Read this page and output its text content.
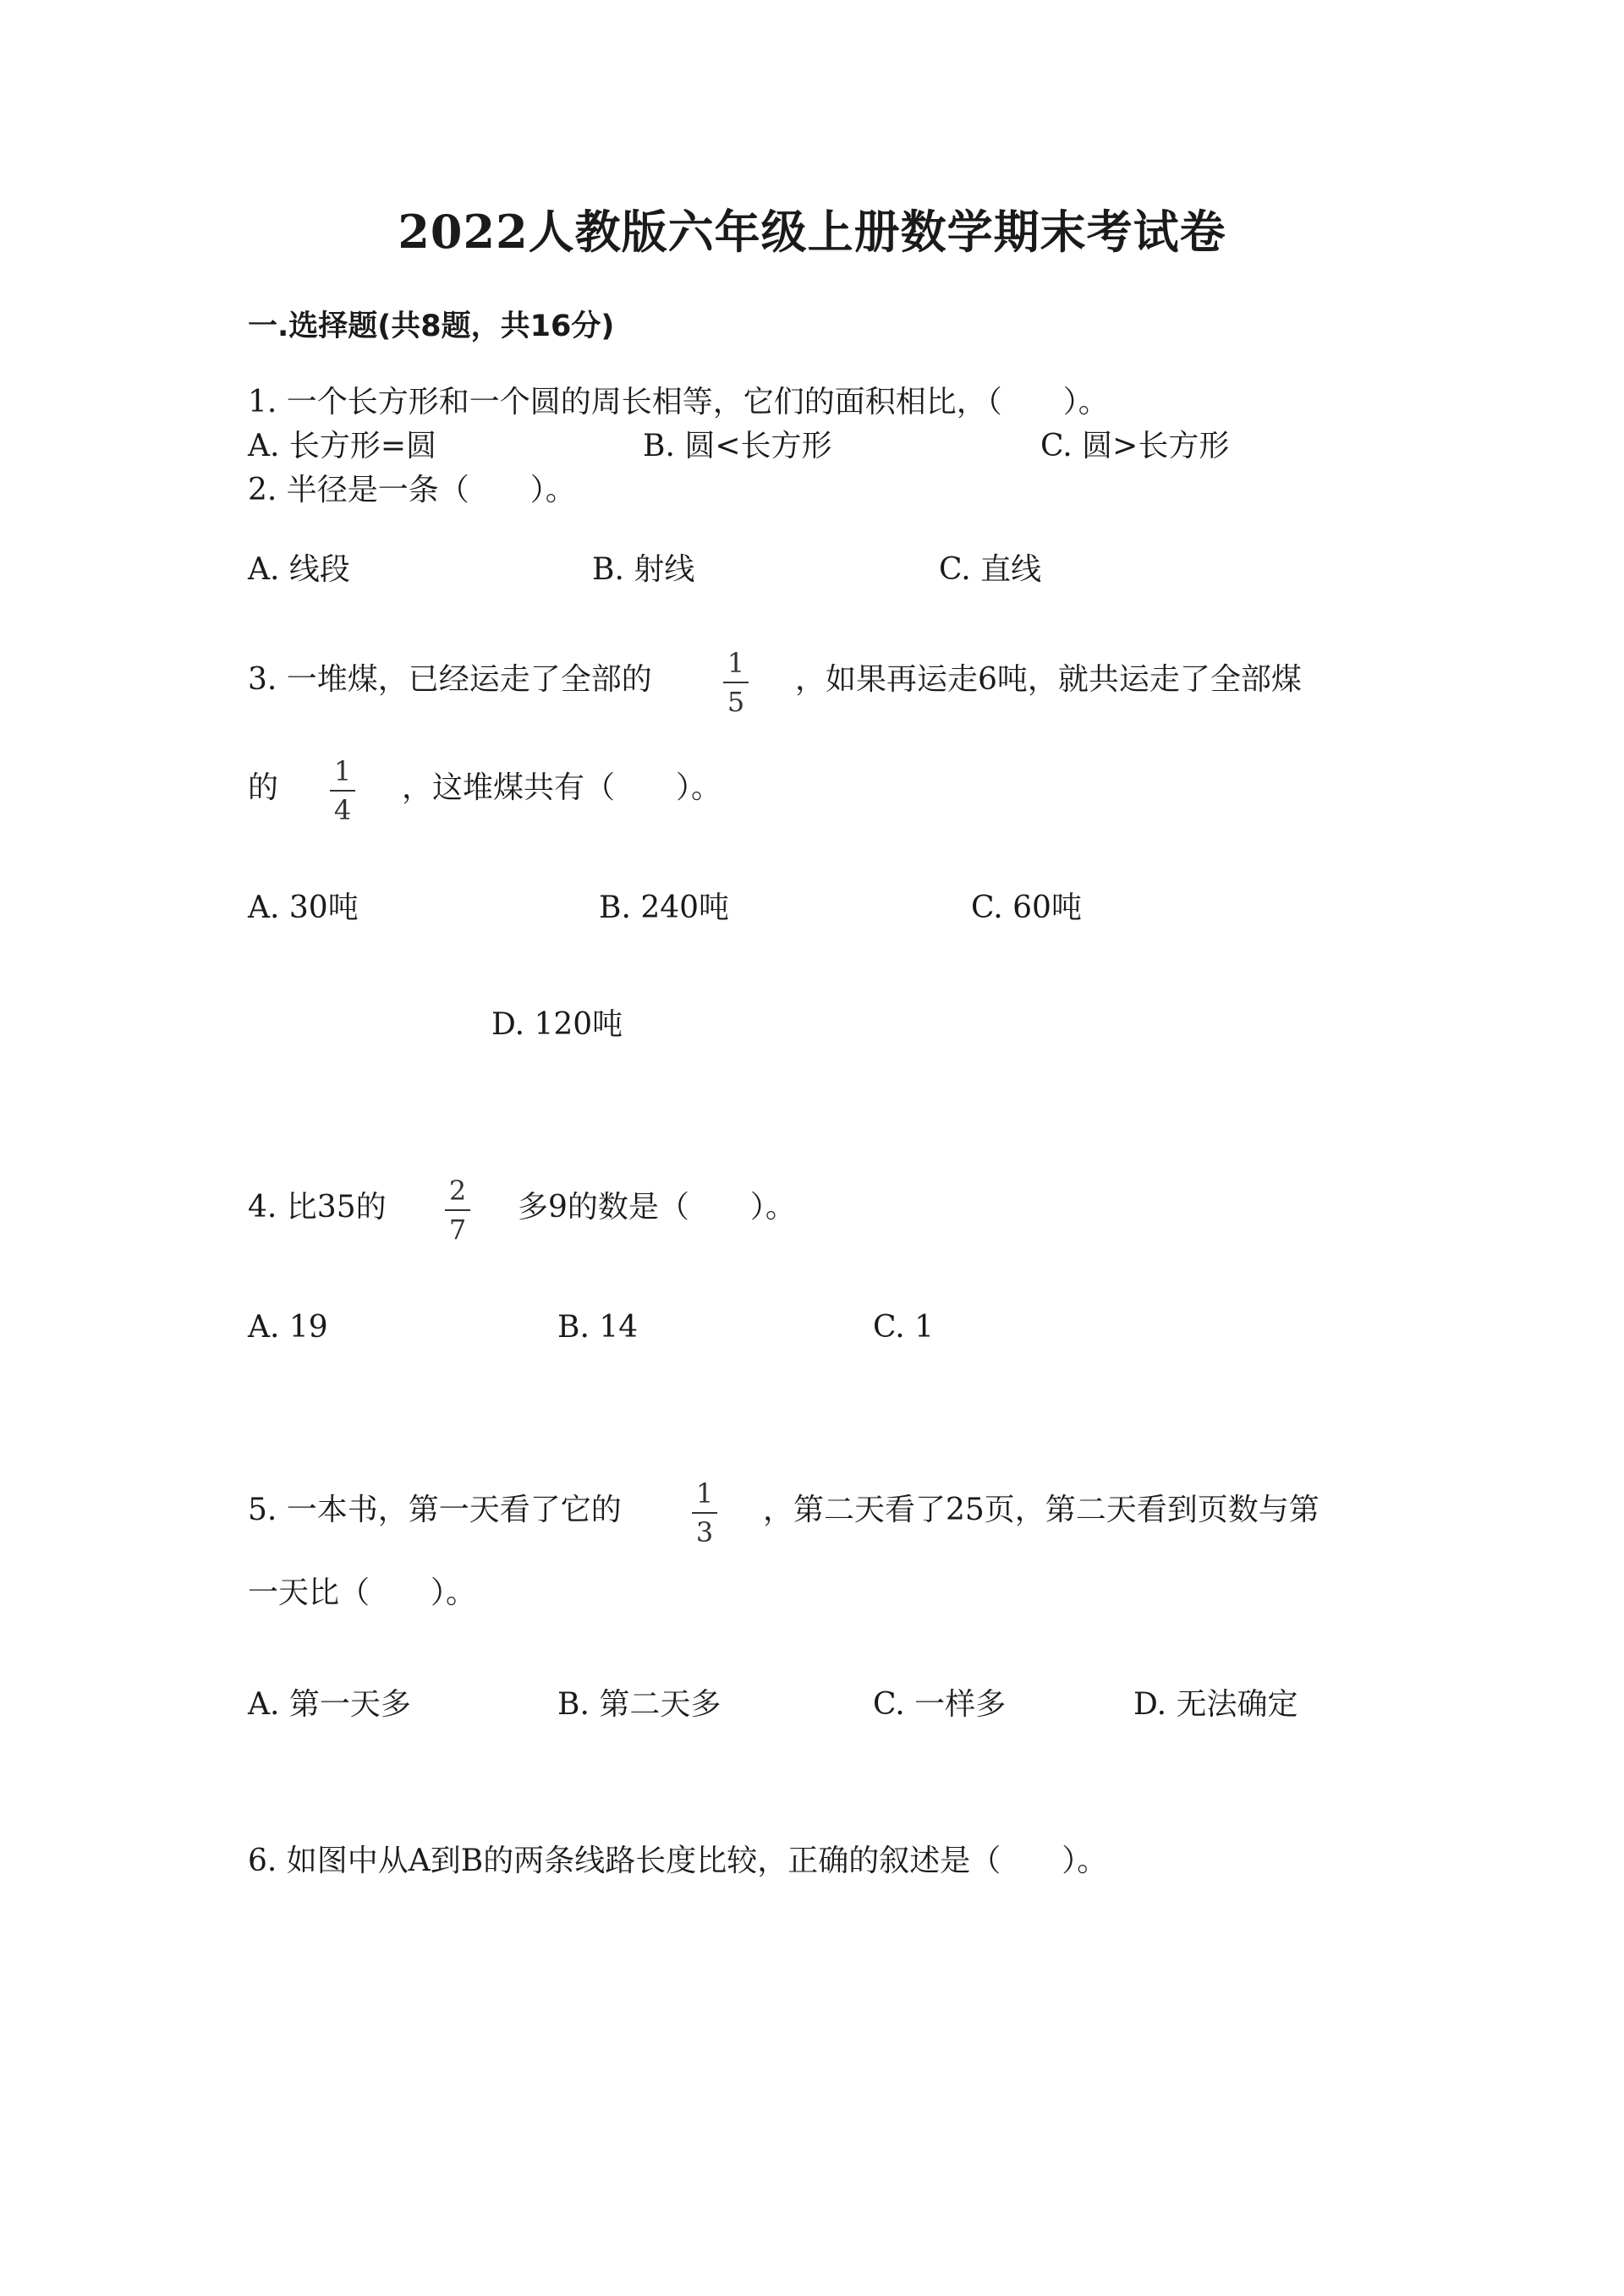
2022人教版六年级上册数学期末考试卷
一.选择题(共8题，共16分)
1. 一个长方形和一个圆的周长相等，它们的面积相比，（　　）。
A. 长方形=圆	B. 圆<长方形	C. 圆>长方形
2. 半径是一条（　　）。
A. 线段	B. 射线	C. 直线
3. 一堆煤，已经运走了全部的	1
5
，如果再运走6吨，就共运走了全部煤
的 1
4
，这堆煤共有（　　）。
A. 30吨	B. 240吨	C. 60吨
D. 120吨
4. 比35的 2
7
多9的数是（　　）。
A. 19	B. 14	C. 1
5. 一本书，第一天看了它的	1
3
，第二天看了25页，第二天看到页数与第
一天比（　　）。
A. 第一天多	B. 第二天多	C. 一样多	D. 无法确定
6. 如图中从A到B的两条线路长度比较，正确的叙述是（　　）。
